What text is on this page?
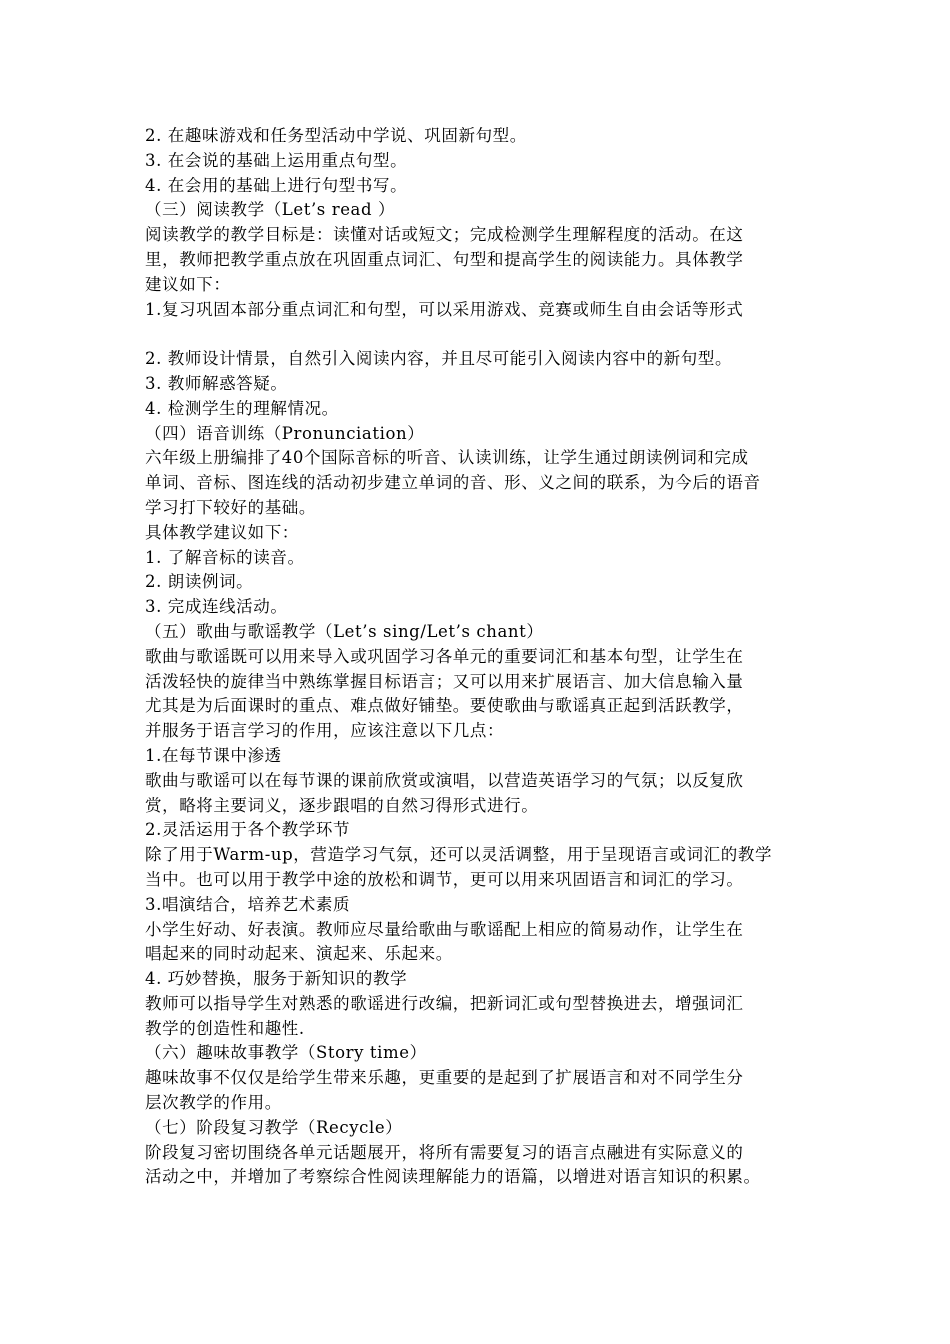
2. 在趣味游戏和任务型活动中学说、巩固新句型。
3. 在会说的基础上运用重点句型。
4. 在会用的基础上进行句型书写。
（三）阅读教学（Let’s read ）
阅读教学的教学目标是：读懂对话或短文；完成检测学生理解程度的活动。在这
里，教师把教学重点放在巩固重点词汇、句型和提高学生的阅读能力。具体教学
建议如下：
1.复习巩固本部分重点词汇和句型，可以采用游戏、竞赛或师生自由会话等形式
2. 教师设计情景，自然引入阅读内容，并且尽可能引入阅读内容中的新句型。
3. 教师解惑答疑。
4. 检测学生的理解情况。
（四）语音训练（Pronunciation）
六年级上册编排了40个国际音标的听音、认读训练，让学生通过朗读例词和完成
单词、音标、图连线的活动初步建立单词的音、形、义之间的联系，为今后的语音
学习打下较好的基础。
具体教学建议如下：
1. 了解音标的读音。
2. 朗读例词。
3. 完成连线活动。
（五）歌曲与歌谣教学（Let’s sing/Let’s chant）
歌曲与歌谣既可以用来导入或巩固学习各单元的重要词汇和基本句型，让学生在
活泼轻快的旋律当中熟练掌握目标语言；又可以用来扩展语言、加大信息输入量
尤其是为后面课时的重点、难点做好铺垫。要使歌曲与歌谣真正起到活跃教学，
并服务于语言学习的作用，应该注意以下几点：
1.在每节课中渗透
歌曲与歌谣可以在每节课的课前欣赏或演唱，以营造英语学习的气氛；以反复欣
赏，略将主要词义，逐步跟唱的自然习得形式进行。
2.灵活运用于各个教学环节
除了用于Warm-up，营造学习气氛，还可以灵活调整，用于呈现语言或词汇的教学
当中。也可以用于教学中途的放松和调节，更可以用来巩固语言和词汇的学习。
3.唱演结合，培养艺术素质
小学生好动、好表演。教师应尽量给歌曲与歌谣配上相应的简易动作，让学生在
唱起来的同时动起来、演起来、乐起来。
4. 巧妙替换，服务于新知识的教学
教师可以指导学生对熟悉的歌谣进行改编，把新词汇或句型替换进去，增强词汇
教学的创造性和趣性.
（六）趣味故事教学（Story time）
趣味故事不仅仅是给学生带来乐趣，更重要的是起到了扩展语言和对不同学生分
层次教学的作用。
（七）阶段复习教学（Recycle）
阶段复习密切围绕各单元话题展开，将所有需要复习的语言点融进有实际意义的
活动之中，并增加了考察综合性阅读理解能力的语篇，以增进对语言知识的积累。
